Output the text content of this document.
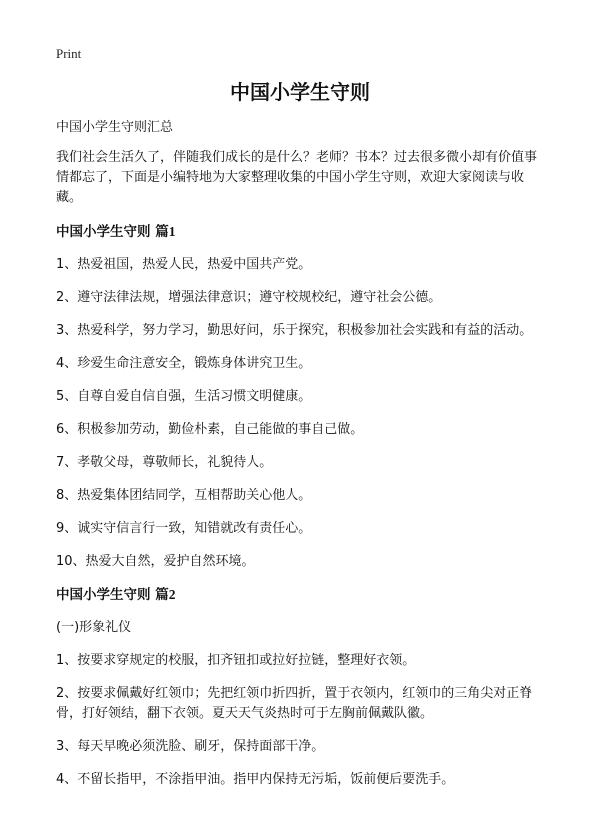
Print
中国小学生守则

中国小学生守则汇总

我们社会生活久了，伴随我们成长的是什么？老师？书本？过去很多微小却有价值事情都忘了，下面是小编特地为大家整理收集的中国小学生守则，欢迎大家阅读与收藏。

中国小学生守则 篇1

1、热爱祖国，热爱人民，热爱中国共产党。

2、遵守法律法规，增强法律意识；遵守校规校纪，遵守社会公德。

3、热爱科学，努力学习，勤思好问，乐于探究，积极参加社会实践和有益的活动。

4、珍爱生命注意安全，锻炼身体讲究卫生。

5、自尊自爱自信自强，生活习惯文明健康。

6、积极参加劳动，勤俭朴素，自己能做的事自己做。

7、孝敬父母，尊敬师长，礼貌待人。

8、热爱集体团结同学，互相帮助关心他人。

9、诚实守信言行一致，知错就改有责任心。

10、热爱大自然，爱护自然环境。

中国小学生守则 篇2

(一)形象礼仪

1、按要求穿规定的校服，扣齐钮扣或拉好拉链，整理好衣领。

2、按要求佩戴好红领巾；先把红领巾折四折，置于衣领内，红领巾的三角尖对正脊骨，打好领结，翻下衣领。夏天天气炎热时可于左胸前佩戴队徽。

3、每天早晚必须洗脸、刷牙，保持面部干净。

4、不留长指甲，不涂指甲油。指甲内保持无污垢，饭前便后要洗手。
